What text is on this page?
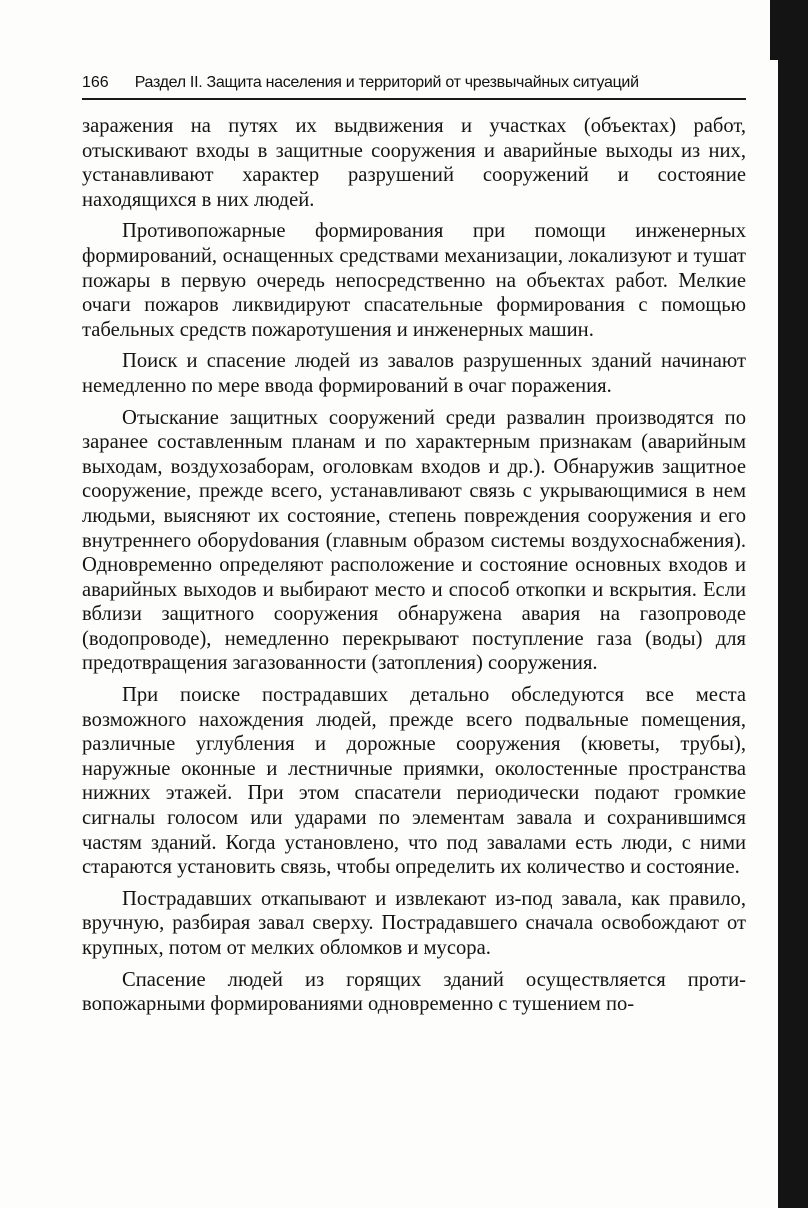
166 Раздел II. Защита населения и территорий от чрезвычайных ситуаций

заражения на путях их выдвижения и участках (объектах) работ, отыскивают входы в защитные сооружения и аварийные выходы из них, устанавливают характер разрушений сооружений и состояние находящихся в них людей.

Противопожарные формирования при помощи инженерных формирований, оснащенных средствами механизации, локализуют и тушат пожары в первую очередь непосредственно на объектах работ. Мелкие очаги пожаров ликвидируют спасательные формирования с помощью табельных средств пожаротушения и инженерных машин.

Поиск и спасение людей из завалов разрушенных зданий начинают немедленно по мере ввода формирований в очаг поражения.

Отыскание защитных сооружений среди развалин производятся по заранее составленным планам и по характерным признакам (аварийным выходам, воздухозаборам, оголовкам входов и др.). Обнаружив защитное сооружение, прежде всего, устанавливают связь с укрывающимися в нем людьми, выясняют их состояние, степень повреждения сооружения и его внутреннего оборуdования (главным образом системы воздухоснабжения). Одновременно определяют расположение и состояние основных входов и аварийных выходов и выбирают место и способ откопки и вскрытия. Если вблизи защитного сооружения обнаружена авария на газопроводе (водопроводе), немедленно перекрывают поступление газа (воды) для предотвращения загазованности (затопления) сооружения.

При поиске пострадавших детально обследуются все места возможного нахождения людей, прежде всего подвальные помещения, различные углубления и дорожные сооружения (кюветы, трубы), наружные оконные и лестничные приямки, околостенные пространства нижних этажей. При этом спасатели периодически подают громкие сигналы голосом или ударами по элементам завала и сохранившимся частям зданий. Когда установлено, что под завалами есть люди, с ними стараются установить связь, чтобы определить их количество и состояние.

Пострадавших откапывают и извлекают из-под завала, как правило, вручную, разбирая завал сверху. Пострадавшего сначала освобождают от крупных, потом от мелких обломков и мусора.

Спасение людей из горящих зданий осуществляется противопожарными формированиями одновременно с тушением по-
